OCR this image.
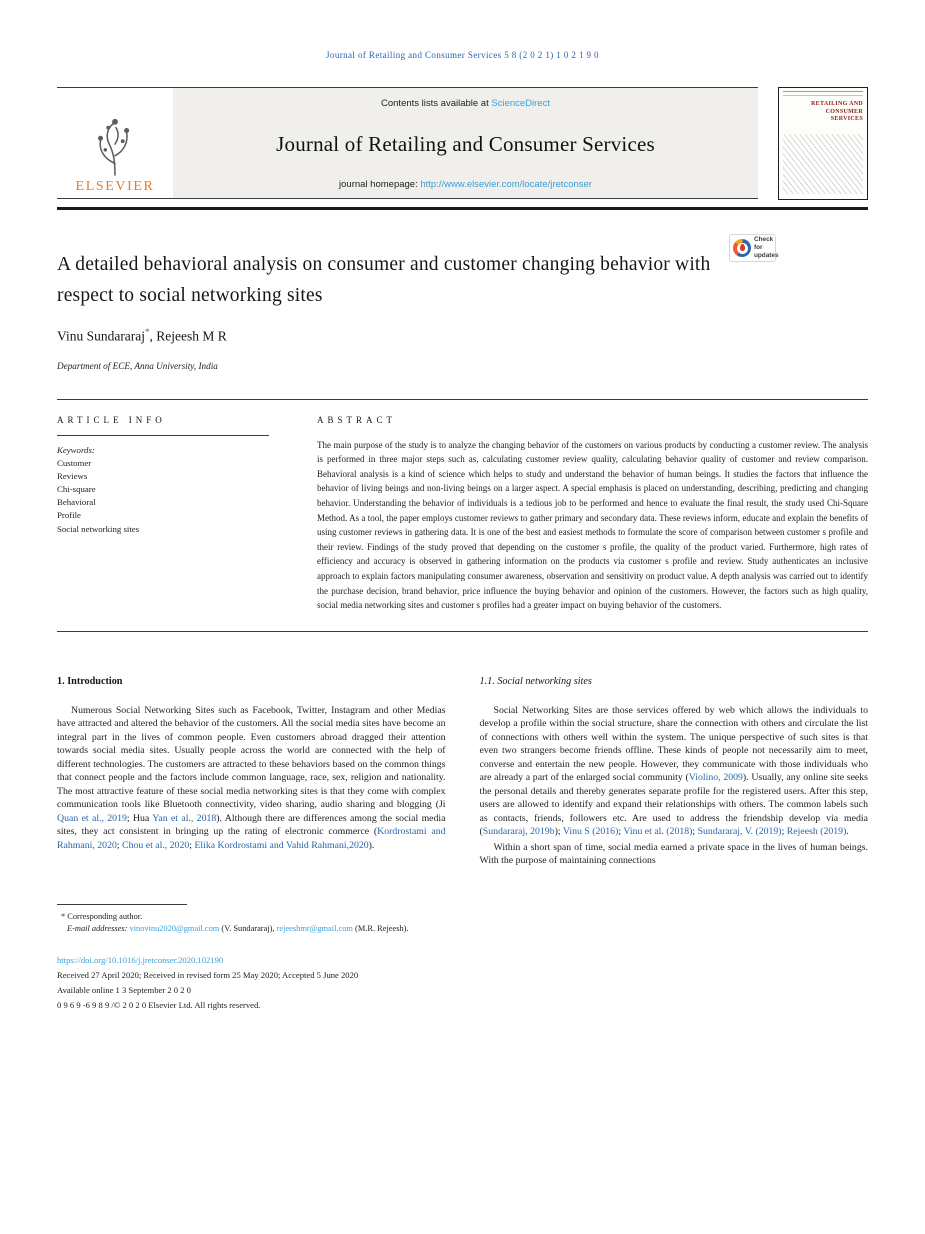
Journal of Retailing and Consumer Services 5 8 (2 0 2 1) 1 0 2 1 9 0
ELSEVIER
Contents lists available at ScienceDirect
Journal of Retailing and Consumer Services
journal homepage: http://www.elsevier.com/locate/jretconser
RETAILING AND CONSUMER SERVICES
A detailed behavioral analysis on consumer and customer changing behavior with respect to social networking sites
Check for
updates
Vinu Sundararaj*, Rejeesh M R
Department of ECE, Anna University, India
ARTICLE INFO
Keywords:
Customer
Reviews
Chi-square
Behavioral
Profile
Social networking sites
ABSTRACT

The main purpose of the study is to analyze the changing behavior of the customers on various products by conducting a customer review. The analysis is performed in three major steps such as, calculating customer review quality, calculating behavior quality of customer and review comparison. Behavioral analysis is a kind of science which helps to study and understand the behavior of human beings. It studies the factors that influence the behavior of living beings and non-living beings on a larger aspect. A special emphasis is placed on understanding, describing, predicting and changing behavior. Understanding the behavior of individuals is a tedious job to be performed and hence to evaluate the final result, the study used Chi-Square Method. As a tool, the paper employs customer reviews to gather primary and secondary data. These reviews inform, educate and explain the benefits of using customer reviews in gathering data. It is one of the best and easiest methods to formulate the score of comparison between customer s profile and their review. Findings of the study proved that depending on the customer s profile, the quality of the product varied. Furthermore, high rates of efficiency and accuracy is observed in gathering information on the products via customer s profile and review. Study authenticates an inclusive approach to explain factors manipulating consumer awareness, observation and sensitivity on product value. A depth analysis was carried out to identify the purchase decision, brand behavior, price influence the buying behavior and opinion of the customers. However, the factors such as high quality, social media networking sites and customer s profiles had a greater impact on buying behavior of the customers.

1. Introduction

Numerous Social Networking Sites such as Facebook, Twitter, Instagram and other Medias have attracted and altered the behavior of the customers. All the social media sites have become an integral part in the lives of common people. Even customers abroad dragged their attention towards social media sites. Usually people across the world are connected with the help of different technologies. The customers are attracted to these behaviors based on the common things that connect people and the factors include common language, race, sex, religion and nationality. The most attractive feature of these social media networking sites is that they come with complex communication tools like Bluetooth connectivity, video sharing, audio sharing and blogging (Ji Quan et al., 2019; Hua Yan et al., 2018). Although there are differences among the social media sites, they act consistent in bringing up the rating of electronic commerce (Kordrostami and Rahmani, 2020; Chou et al., 2020; Elika Kordrostami and Vahid Rahmani,2020).

1.1. Social networking sites

Social Networking Sites are those services offered by web which allows the individuals to develop a profile within the social structure, share the connection with others and circulate the list of connections with others well within the system. The unique perspective of such sites is that even two strangers become friends offline. These kinds of people not necessarily aim to meet, converse and entertain the new people. However, they communicate with those individuals who are already a part of the enlarged social community (Violino, 2009). Usually, any online site seeks the personal details and thereby generates separate profile for the registered users. After this step, users are allowed to identify and expand their relationships with others. The common labels such as contacts, friends, followers etc. Are used to address the friendship develop via media (Sundararaj, 2019b); Vinu S (2016); Vinu et al. (2018); Sundararaj, V. (2019); Rejeesh (2019).

Within a short span of time, social media earned a private space in the lives of human beings. With the purpose of maintaining connections

* Corresponding author.
E-mail addresses: vinovinu2020@gmail.com (V. Sundararaj), rejeeshmr@gmail.com (M.R. Rejeesh).
https://doi.org/10.1016/j.jretconser.2020.102190
Received 27 April 2020; Received in revised form 25 May 2020; Accepted 5 June 2020
Available online 1 3 September 2 0 2 0
0 9 6 9 -6 9 8 9 /© 2 0 2 0 Elsevier Ltd. All rights reserved.
